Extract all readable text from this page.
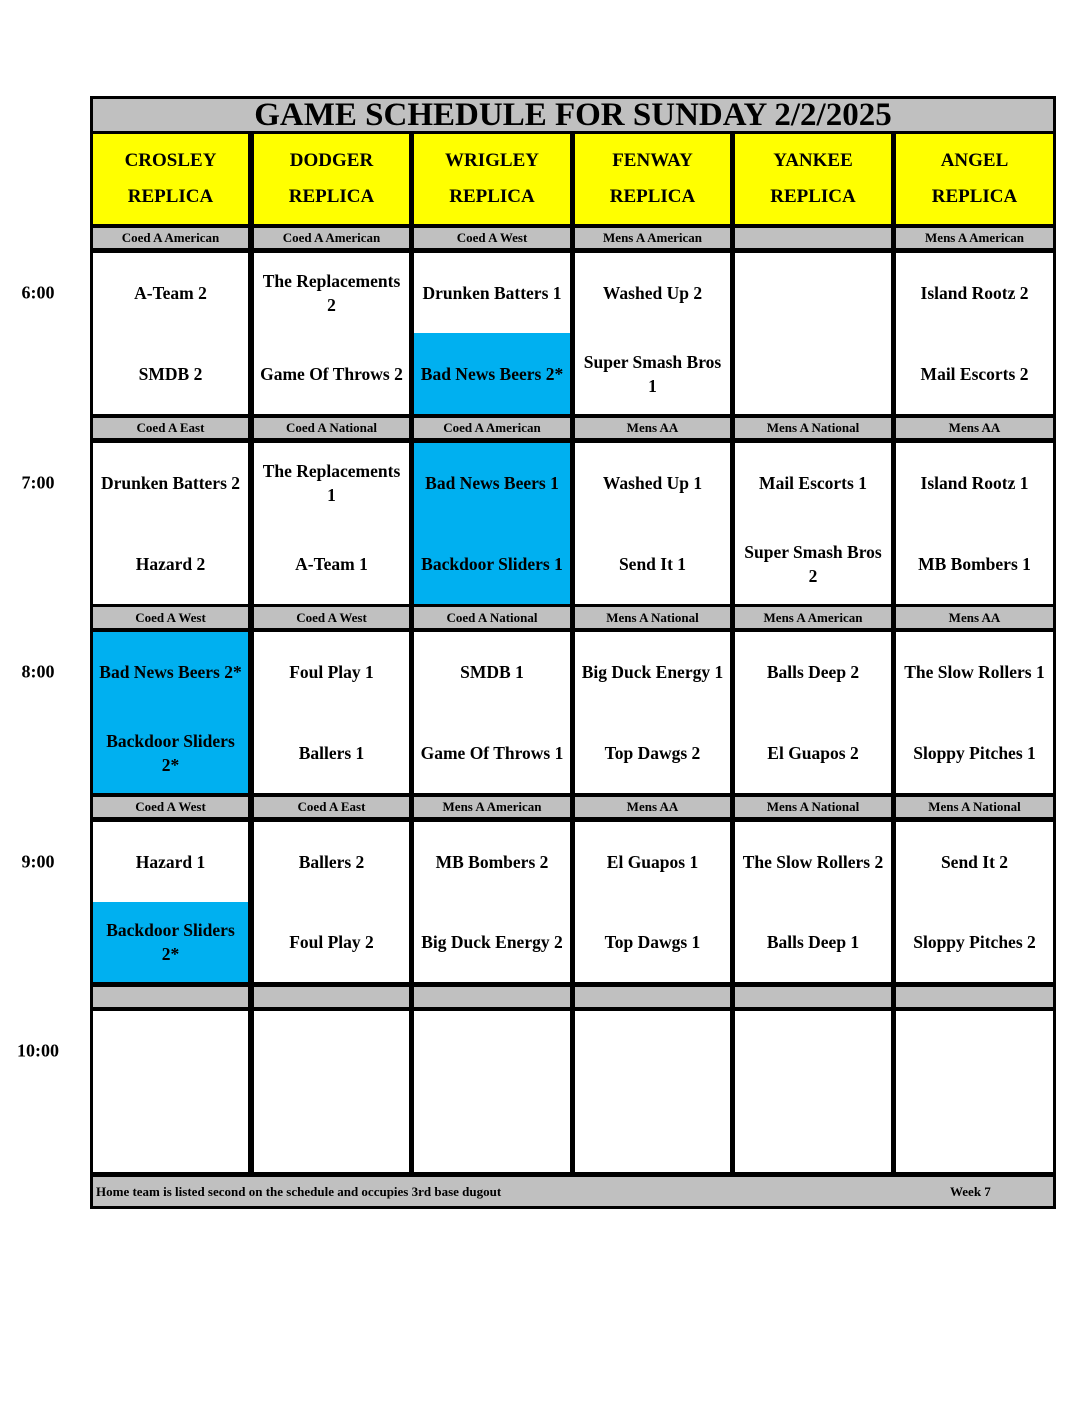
GAME SCHEDULE FOR SUNDAY 2/2/2025
CROSLEY
REPLICA
DODGER
REPLICA
WRIGLEY
REPLICA
FENWAY
REPLICA
YANKEE
REPLICA
ANGEL
REPLICA
Coed A American
A-Team 2
SMDB 2
Coed A American
The Replacements 2
Game Of Throws 2
Coed A West
Drunken Batters 1
Bad News Beers 2*
Mens A American
Washed Up 2
Super Smash Bros 1
Mens A American
Island Rootz 2
Mail Escorts 2
Coed A East
Drunken Batters 2
Hazard 2
Coed A National
The Replacements 1
A-Team 1
Coed A American
Bad News Beers 1
Backdoor Sliders 1
Mens AA
Washed Up 1
Send It 1
Mens A National
Mail Escorts 1
Super Smash Bros 2
Mens AA
Island Rootz 1
MB Bombers 1
Coed A West
Bad News Beers 2*
Backdoor Sliders 2*
Coed A West
Foul Play 1
Ballers 1
Coed A National
SMDB 1
Game Of Throws 1
Mens A National
Big Duck Energy 1
Top Dawgs 2
Mens A American
Balls Deep 2
El Guapos 2
Mens AA
The Slow Rollers 1
Sloppy Pitches 1
Coed A West
Hazard 1
Backdoor Sliders 2*
Coed A East
Ballers 2
Foul Play 2
Mens A American
MB Bombers 2
Big Duck Energy 2
Mens AA
El Guapos 1
Top Dawgs 1
Mens A National
The Slow Rollers 2
Balls Deep 1
Mens A National
Send It 2
Sloppy Pitches 2
Home team is listed second on the schedule and occupies 3rd base dugout	Week 7
6:00
7:00
8:00
9:00
10:00
